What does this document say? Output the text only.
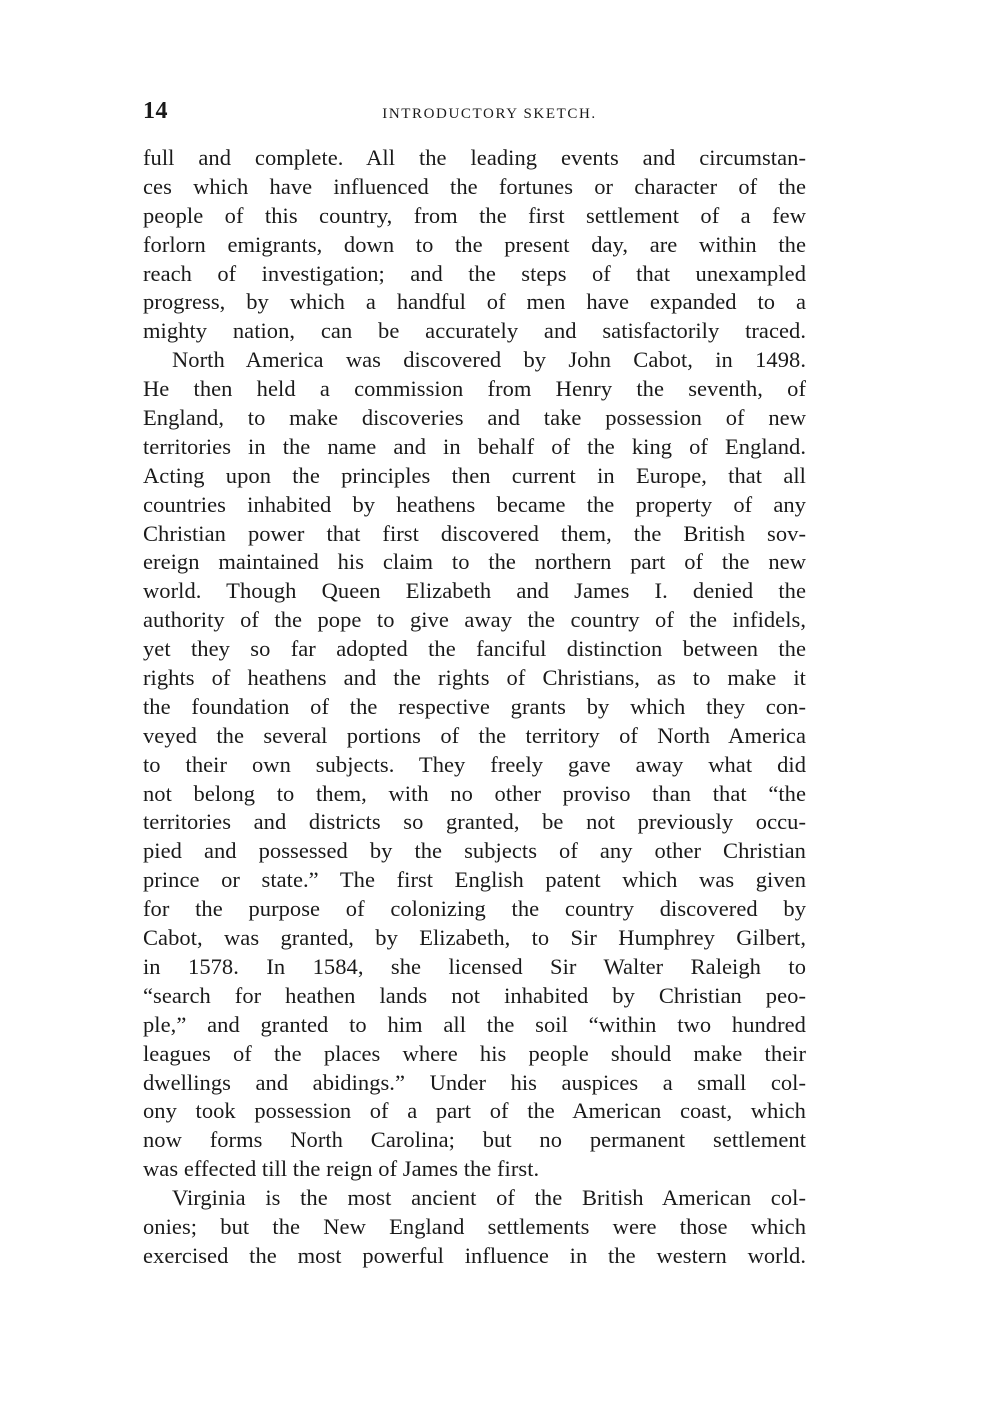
14	INTRODUCTORY SKETCH.
full and complete. All the leading events and circumstan-
ces which have influenced the fortunes or character of the
people of this country, from the first settlement of a few
forlorn emigrants, down to the present day, are within the
reach of investigation; and the steps of that unexampled
progress, by which a handful of men have expanded to a
mighty nation, can be accurately and satisfactorily traced.
North America was discovered by John Cabot, in 1498.
He then held a commission from Henry the seventh, of
England, to make discoveries and take possession of new
territories in the name and in behalf of the king of England.
Acting upon the principles then current in Europe, that all
countries inhabited by heathens became the property of any
Christian power that first discovered them, the British sov-
ereign maintained his claim to the northern part of the new
world. Though Queen Elizabeth and James I. denied the
authority of the pope to give away the country of the infidels,
yet they so far adopted the fanciful distinction between the
rights of heathens and the rights of Christians, as to make it
the foundation of the respective grants by which they con-
veyed the several portions of the territory of North America
to their own subjects. They freely gave away what did
not belong to them, with no other proviso than that “the
territories and districts so granted, be not previously occu-
pied and possessed by the subjects of any other Christian
prince or state.” The first English patent which was given
for the purpose of colonizing the country discovered by
Cabot, was granted, by Elizabeth, to Sir Humphrey Gilbert,
in 1578. In 1584, she licensed Sir Walter Raleigh to
“search for heathen lands not inhabited by Christian peo-
ple,” and granted to him all the soil “within two hundred
leagues of the places where his people should make their
dwellings and abidings.” Under his auspices a small col-
ony took possession of a part of the American coast, which
now forms North Carolina; but no permanent settlement
was effected till the reign of James the first.
Virginia is the most ancient of the British American col-
onies; but the New England settlements were those which
exercised the most powerful influence in the western world.
